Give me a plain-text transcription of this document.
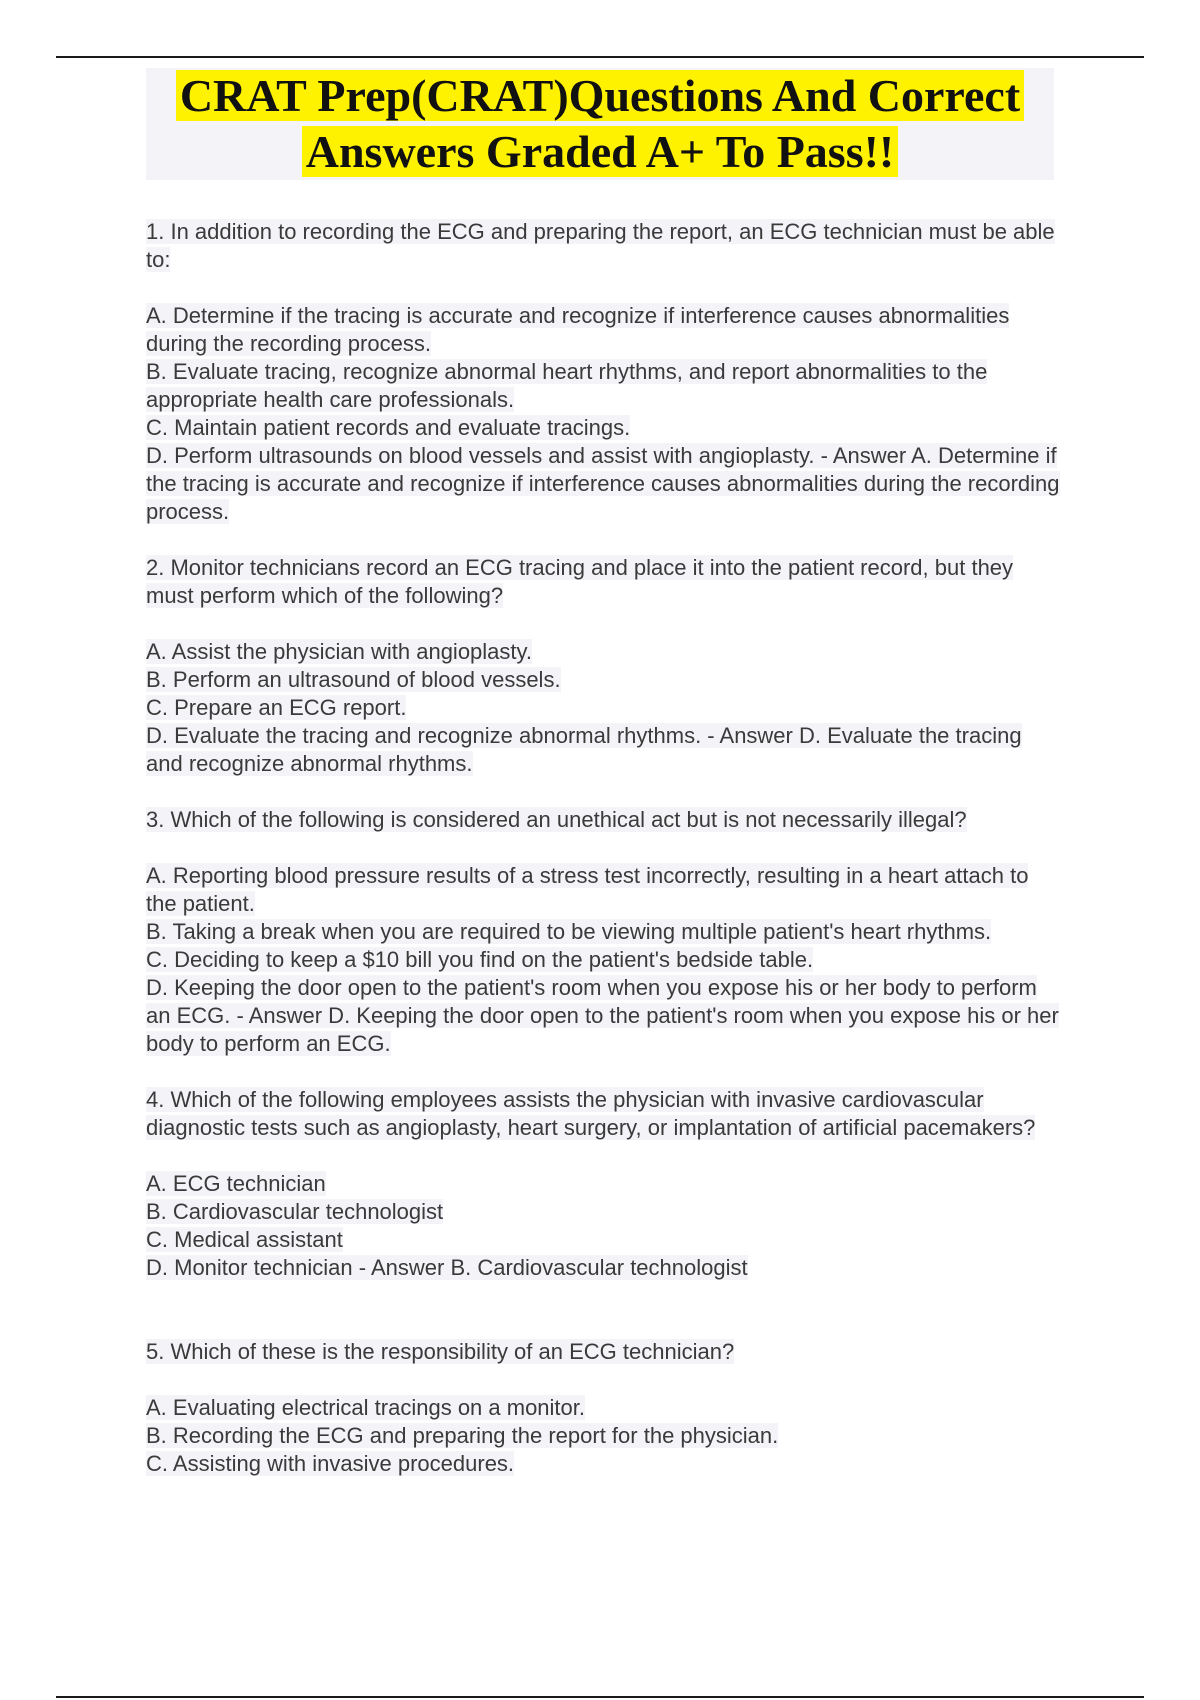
CRAT Prep(CRAT)Questions And Correct
Answers Graded A+ To Pass!!

1. In addition to recording the ECG and preparing the report, an ECG technician must be able to:

A. Determine if the tracing is accurate and recognize if interference causes abnormalities during the recording process.

B. Evaluate tracing, recognize abnormal heart rhythms, and report abnormalities to the appropriate health care professionals.

C. Maintain patient records and evaluate tracings.

D. Perform ultrasounds on blood vessels and assist with angioplasty. - Answer A. Determine if the tracing is accurate and recognize if interference causes abnormalities during the recording process.

2. Monitor technicians record an ECG tracing and place it into the patient record, but they must perform which of the following?

A. Assist the physician with angioplasty.

B. Perform an ultrasound of blood vessels.

C. Prepare an ECG report.

D. Evaluate the tracing and recognize abnormal rhythms. - Answer D. Evaluate the tracing and recognize abnormal rhythms.

3. Which of the following is considered an unethical act but is not necessarily illegal?

A. Reporting blood pressure results of a stress test incorrectly, resulting in a heart attach to the patient.

B. Taking a break when you are required to be viewing multiple patient's heart rhythms.

C. Deciding to keep a $10 bill you find on the patient's bedside table.

D. Keeping the door open to the patient's room when you expose his or her body to perform an ECG. - Answer D. Keeping the door open to the patient's room when you expose his or her body to perform an ECG.

4. Which of the following employees assists the physician with invasive cardiovascular diagnostic tests such as angioplasty, heart surgery, or implantation of artificial pacemakers?

A. ECG technician

B. Cardiovascular technologist

C. Medical assistant

D. Monitor technician - Answer B. Cardiovascular technologist

5. Which of these is the responsibility of an ECG technician?

A. Evaluating electrical tracings on a monitor.

B. Recording the ECG and preparing the report for the physician.

C. Assisting with invasive procedures.
